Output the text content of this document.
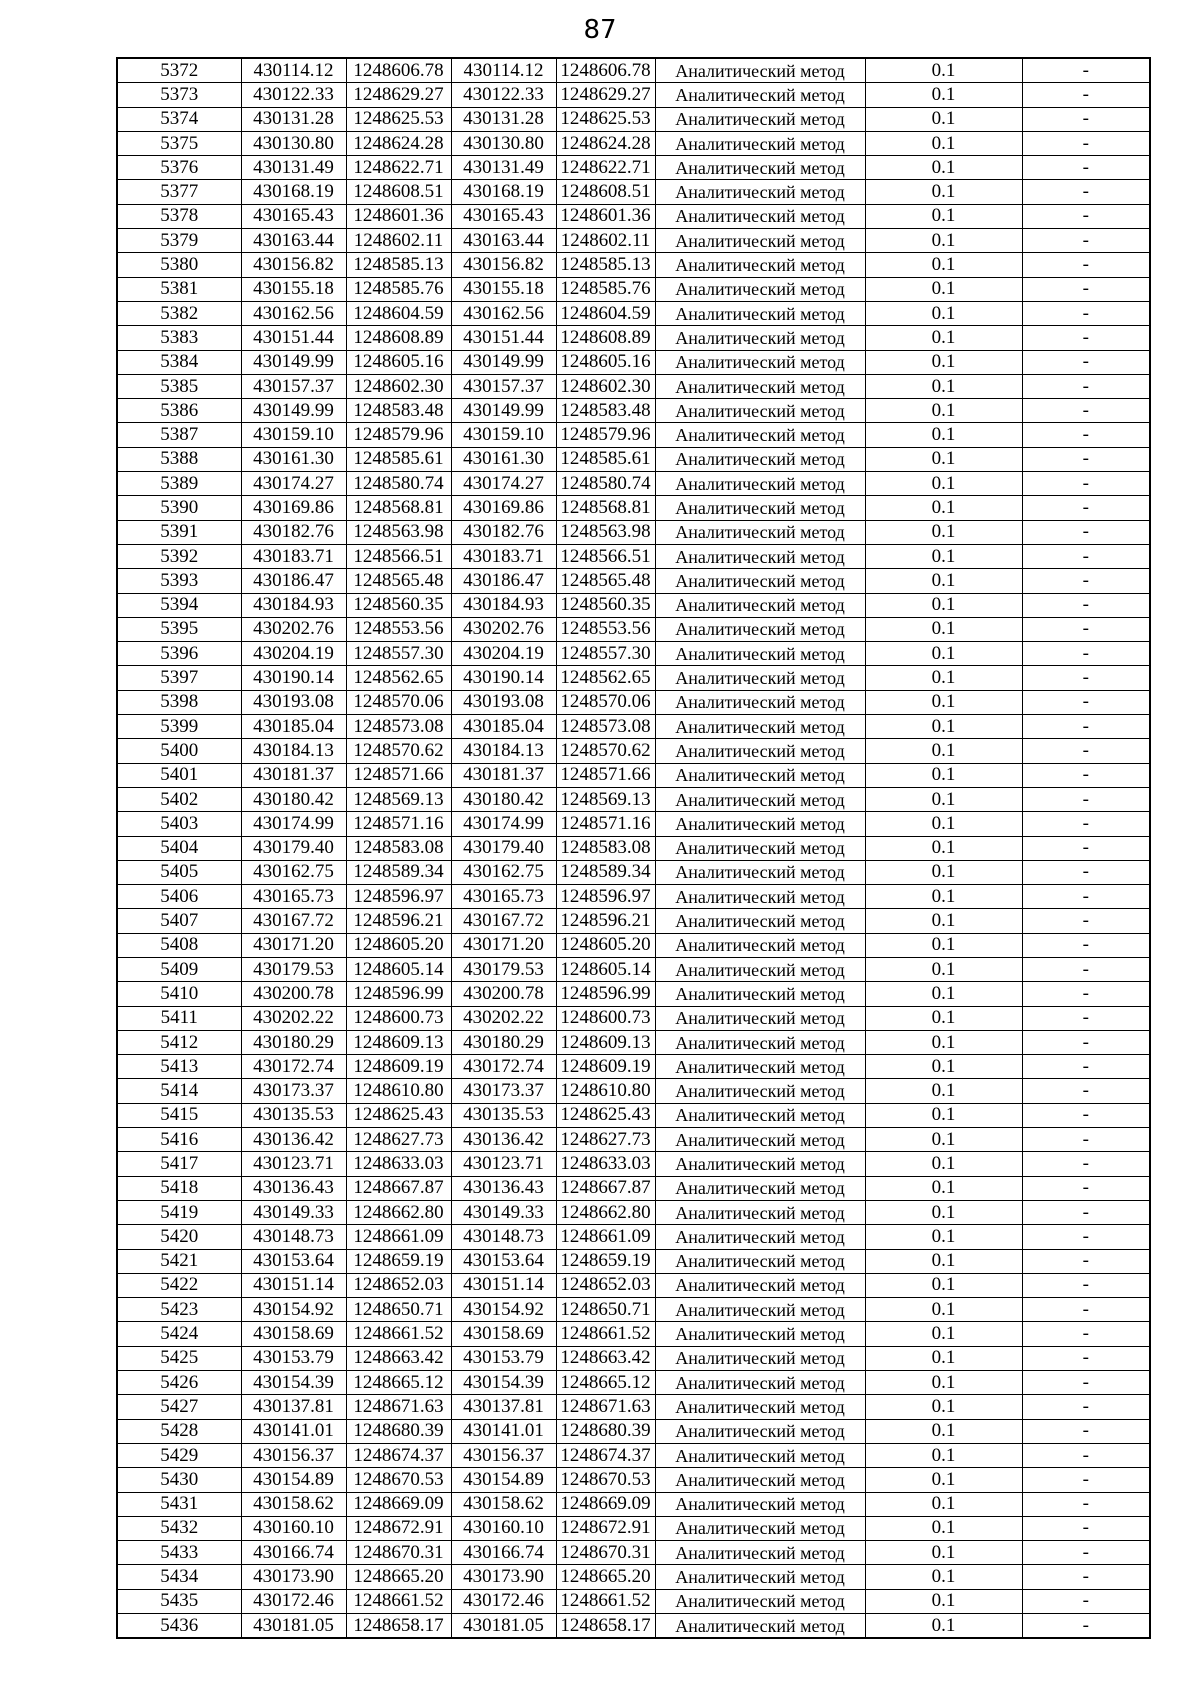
87
5372	430114.12	1248606.78	430114.12	1248606.78	Аналитический метод	0.1	-
5373	430122.33	1248629.27	430122.33	1248629.27	Аналитический метод	0.1	-
5374	430131.28	1248625.53	430131.28	1248625.53	Аналитический метод	0.1	-
5375	430130.80	1248624.28	430130.80	1248624.28	Аналитический метод	0.1	-
5376	430131.49	1248622.71	430131.49	1248622.71	Аналитический метод	0.1	-
5377	430168.19	1248608.51	430168.19	1248608.51	Аналитический метод	0.1	-
5378	430165.43	1248601.36	430165.43	1248601.36	Аналитический метод	0.1	-
5379	430163.44	1248602.11	430163.44	1248602.11	Аналитический метод	0.1	-
5380	430156.82	1248585.13	430156.82	1248585.13	Аналитический метод	0.1	-
5381	430155.18	1248585.76	430155.18	1248585.76	Аналитический метод	0.1	-
5382	430162.56	1248604.59	430162.56	1248604.59	Аналитический метод	0.1	-
5383	430151.44	1248608.89	430151.44	1248608.89	Аналитический метод	0.1	-
5384	430149.99	1248605.16	430149.99	1248605.16	Аналитический метод	0.1	-
5385	430157.37	1248602.30	430157.37	1248602.30	Аналитический метод	0.1	-
5386	430149.99	1248583.48	430149.99	1248583.48	Аналитический метод	0.1	-
5387	430159.10	1248579.96	430159.10	1248579.96	Аналитический метод	0.1	-
5388	430161.30	1248585.61	430161.30	1248585.61	Аналитический метод	0.1	-
5389	430174.27	1248580.74	430174.27	1248580.74	Аналитический метод	0.1	-
5390	430169.86	1248568.81	430169.86	1248568.81	Аналитический метод	0.1	-
5391	430182.76	1248563.98	430182.76	1248563.98	Аналитический метод	0.1	-
5392	430183.71	1248566.51	430183.71	1248566.51	Аналитический метод	0.1	-
5393	430186.47	1248565.48	430186.47	1248565.48	Аналитический метод	0.1	-
5394	430184.93	1248560.35	430184.93	1248560.35	Аналитический метод	0.1	-
5395	430202.76	1248553.56	430202.76	1248553.56	Аналитический метод	0.1	-
5396	430204.19	1248557.30	430204.19	1248557.30	Аналитический метод	0.1	-
5397	430190.14	1248562.65	430190.14	1248562.65	Аналитический метод	0.1	-
5398	430193.08	1248570.06	430193.08	1248570.06	Аналитический метод	0.1	-
5399	430185.04	1248573.08	430185.04	1248573.08	Аналитический метод	0.1	-
5400	430184.13	1248570.62	430184.13	1248570.62	Аналитический метод	0.1	-
5401	430181.37	1248571.66	430181.37	1248571.66	Аналитический метод	0.1	-
5402	430180.42	1248569.13	430180.42	1248569.13	Аналитический метод	0.1	-
5403	430174.99	1248571.16	430174.99	1248571.16	Аналитический метод	0.1	-
5404	430179.40	1248583.08	430179.40	1248583.08	Аналитический метод	0.1	-
5405	430162.75	1248589.34	430162.75	1248589.34	Аналитический метод	0.1	-
5406	430165.73	1248596.97	430165.73	1248596.97	Аналитический метод	0.1	-
5407	430167.72	1248596.21	430167.72	1248596.21	Аналитический метод	0.1	-
5408	430171.20	1248605.20	430171.20	1248605.20	Аналитический метод	0.1	-
5409	430179.53	1248605.14	430179.53	1248605.14	Аналитический метод	0.1	-
5410	430200.78	1248596.99	430200.78	1248596.99	Аналитический метод	0.1	-
5411	430202.22	1248600.73	430202.22	1248600.73	Аналитический метод	0.1	-
5412	430180.29	1248609.13	430180.29	1248609.13	Аналитический метод	0.1	-
5413	430172.74	1248609.19	430172.74	1248609.19	Аналитический метод	0.1	-
5414	430173.37	1248610.80	430173.37	1248610.80	Аналитический метод	0.1	-
5415	430135.53	1248625.43	430135.53	1248625.43	Аналитический метод	0.1	-
5416	430136.42	1248627.73	430136.42	1248627.73	Аналитический метод	0.1	-
5417	430123.71	1248633.03	430123.71	1248633.03	Аналитический метод	0.1	-
5418	430136.43	1248667.87	430136.43	1248667.87	Аналитический метод	0.1	-
5419	430149.33	1248662.80	430149.33	1248662.80	Аналитический метод	0.1	-
5420	430148.73	1248661.09	430148.73	1248661.09	Аналитический метод	0.1	-
5421	430153.64	1248659.19	430153.64	1248659.19	Аналитический метод	0.1	-
5422	430151.14	1248652.03	430151.14	1248652.03	Аналитический метод	0.1	-
5423	430154.92	1248650.71	430154.92	1248650.71	Аналитический метод	0.1	-
5424	430158.69	1248661.52	430158.69	1248661.52	Аналитический метод	0.1	-
5425	430153.79	1248663.42	430153.79	1248663.42	Аналитический метод	0.1	-
5426	430154.39	1248665.12	430154.39	1248665.12	Аналитический метод	0.1	-
5427	430137.81	1248671.63	430137.81	1248671.63	Аналитический метод	0.1	-
5428	430141.01	1248680.39	430141.01	1248680.39	Аналитический метод	0.1	-
5429	430156.37	1248674.37	430156.37	1248674.37	Аналитический метод	0.1	-
5430	430154.89	1248670.53	430154.89	1248670.53	Аналитический метод	0.1	-
5431	430158.62	1248669.09	430158.62	1248669.09	Аналитический метод	0.1	-
5432	430160.10	1248672.91	430160.10	1248672.91	Аналитический метод	0.1	-
5433	430166.74	1248670.31	430166.74	1248670.31	Аналитический метод	0.1	-
5434	430173.90	1248665.20	430173.90	1248665.20	Аналитический метод	0.1	-
5435	430172.46	1248661.52	430172.46	1248661.52	Аналитический метод	0.1	-
5436	430181.05	1248658.17	430181.05	1248658.17	Аналитический метод	0.1	-
